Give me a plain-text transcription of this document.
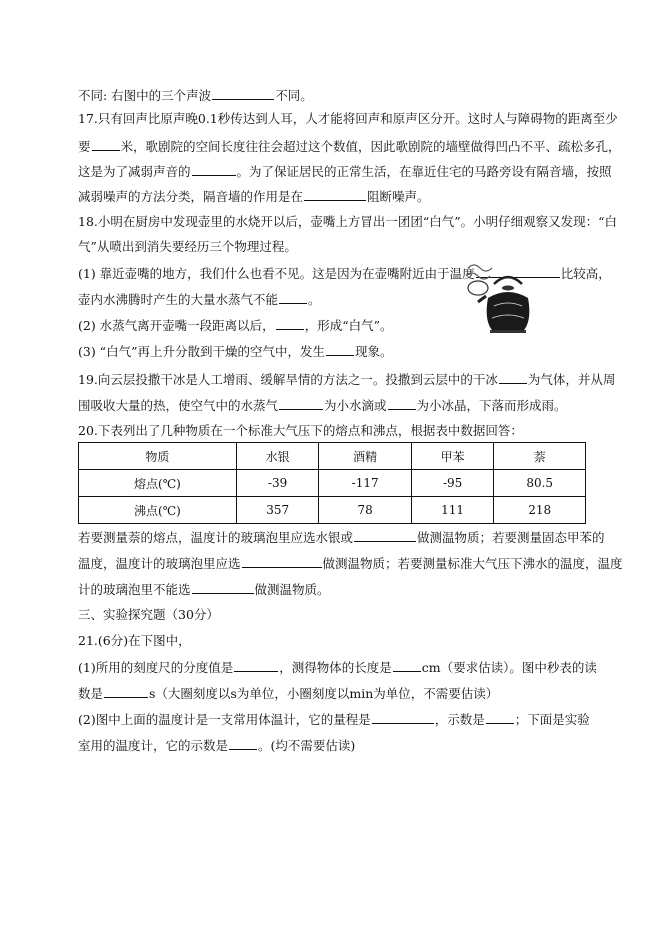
不同: 右图中的三个声波	不同。
17.只有回声比原声晚0.1秒传达到人耳，人才能将回声和原声区分开。这时人与障碍物的距离至少
要 米，歌剧院的空间长度往往会超过这个数值，因此歌剧院的墙壁做得凹凸不平、疏松多孔，
这是为了减弱声音的	。为了保证居民的正常生活，在靠近住宅的马路旁设有隔音墙，按照
减弱噪声的方法分类，隔音墙的作用是在	阻断噪声。
18.小明在厨房中发现壶里的水烧开以后，壶嘴上方冒出一团团“白气”。小明仔细观察又发现：“白
气”从喷出到消失要经历三个物理过程。
(1) 靠近壶嘴的地方，我们什么也看不见。这是因为在壶嘴附近由于温度	比较高，
壶内水沸腾时产生的大量水蒸气不能 。
(2) 水蒸气离开壶嘴一段距离以后， ，形成“白气”。
(3) “白气”再上升分散到干燥的空气中，发生 现象。
19.向云层投撒干冰是人工增雨、缓解旱情的方法之一。投撒到云层中的干冰 为气体，并从周
围吸收大量的热，使空气中的水蒸气	为小水滴或 为小冰晶，下落而形成雨。
20.下表列出了几种物质在一个标准大气压下的熔点和沸点，根据表中数据回答：
物质	水银	酒精	甲苯	萘
熔点(℃)	-39	-117	-95	80.5
沸点(℃)	357	78	111	218
若要测量萘的熔点，温度计的玻璃泡里应选水银或	做测温物质；若要测量固态甲苯的
温度，温度计的玻璃泡里应选	做测温物质；若要测量标准大气压下沸水的温度，温度
计的玻璃泡里不能选	做测温物质。
三、实验探究题（30分）
21.(6分)在下图中，
(1)所用的刻度尺的分度值是	，测得物体的长度是 cm（要求估读）。图中秒表的读
数是	s（大圈刻度以s为单位，小圈刻度以min为单位，不需要估读）
(2)图中上面的温度计是一支常用体温计，它的量程是	，示数是 ；下面是实验
室用的温度计，它的示数是 。(均不需要估读)
